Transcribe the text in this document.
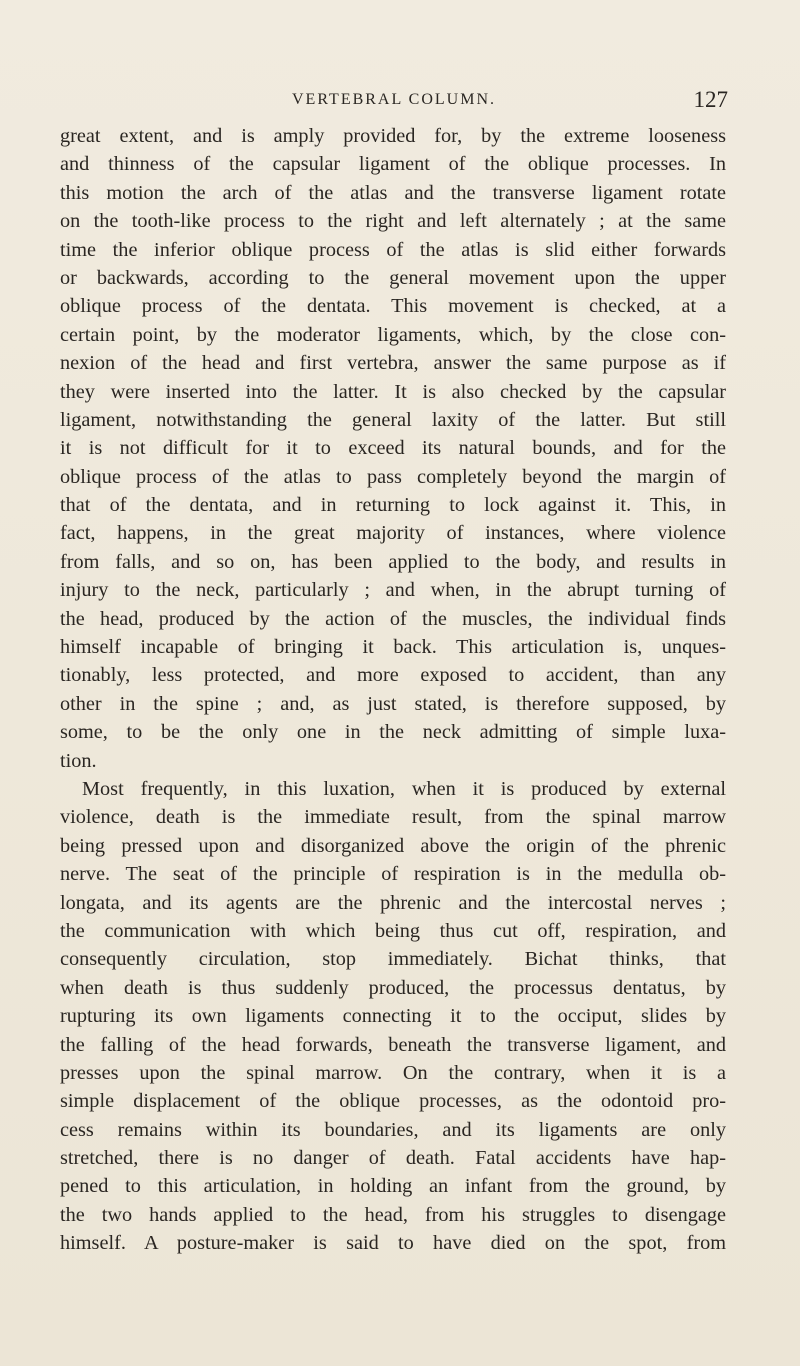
VERTEBRAL COLUMN.	127
great extent, and is amply provided for, by the extreme looseness
and thinness of the capsular ligament of the oblique processes. In
this motion the arch of the atlas and the transverse ligament rotate
on the tooth-like process to the right and left alternately ; at the same
time the inferior oblique process of the atlas is slid either forwards
or backwards, according to the general movement upon the upper
oblique process of the dentata. This movement is checked, at a
certain point, by the moderator ligaments, which, by the close con-
nexion of the head and first vertebra, answer the same purpose as if
they were inserted into the latter. It is also checked by the capsular
ligament, notwithstanding the general laxity of the latter. But still
it is not difficult for it to exceed its natural bounds, and for the
oblique process of the atlas to pass completely beyond the margin of
that of the dentata, and in returning to lock against it. This, in
fact, happens, in the great majority of instances, where violence
from falls, and so on, has been applied to the body, and results in
injury to the neck, particularly ; and when, in the abrupt turning of
the head, produced by the action of the muscles, the individual finds
himself incapable of bringing it back. This articulation is, unques-
tionably, less protected, and more exposed to accident, than any
other in the spine ; and, as just stated, is therefore supposed, by
some, to be the only one in the neck admitting of simple luxa-
tion.
Most frequently, in this luxation, when it is produced by external
violence, death is the immediate result, from the spinal marrow
being pressed upon and disorganized above the origin of the phrenic
nerve. The seat of the principle of respiration is in the medulla ob-
longata, and its agents are the phrenic and the intercostal nerves ;
the communication with which being thus cut off, respiration, and
consequently circulation, stop immediately. Bichat thinks, that
when death is thus suddenly produced, the processus dentatus, by
rupturing its own ligaments connecting it to the occiput, slides by
the falling of the head forwards, beneath the transverse ligament, and
presses upon the spinal marrow. On the contrary, when it is a
simple displacement of the oblique processes, as the odontoid pro-
cess remains within its boundaries, and its ligaments are only
stretched, there is no danger of death. Fatal accidents have hap-
pened to this articulation, in holding an infant from the ground, by
the two hands applied to the head, from his struggles to disengage
himself. A posture-maker is said to have died on the spot, from
